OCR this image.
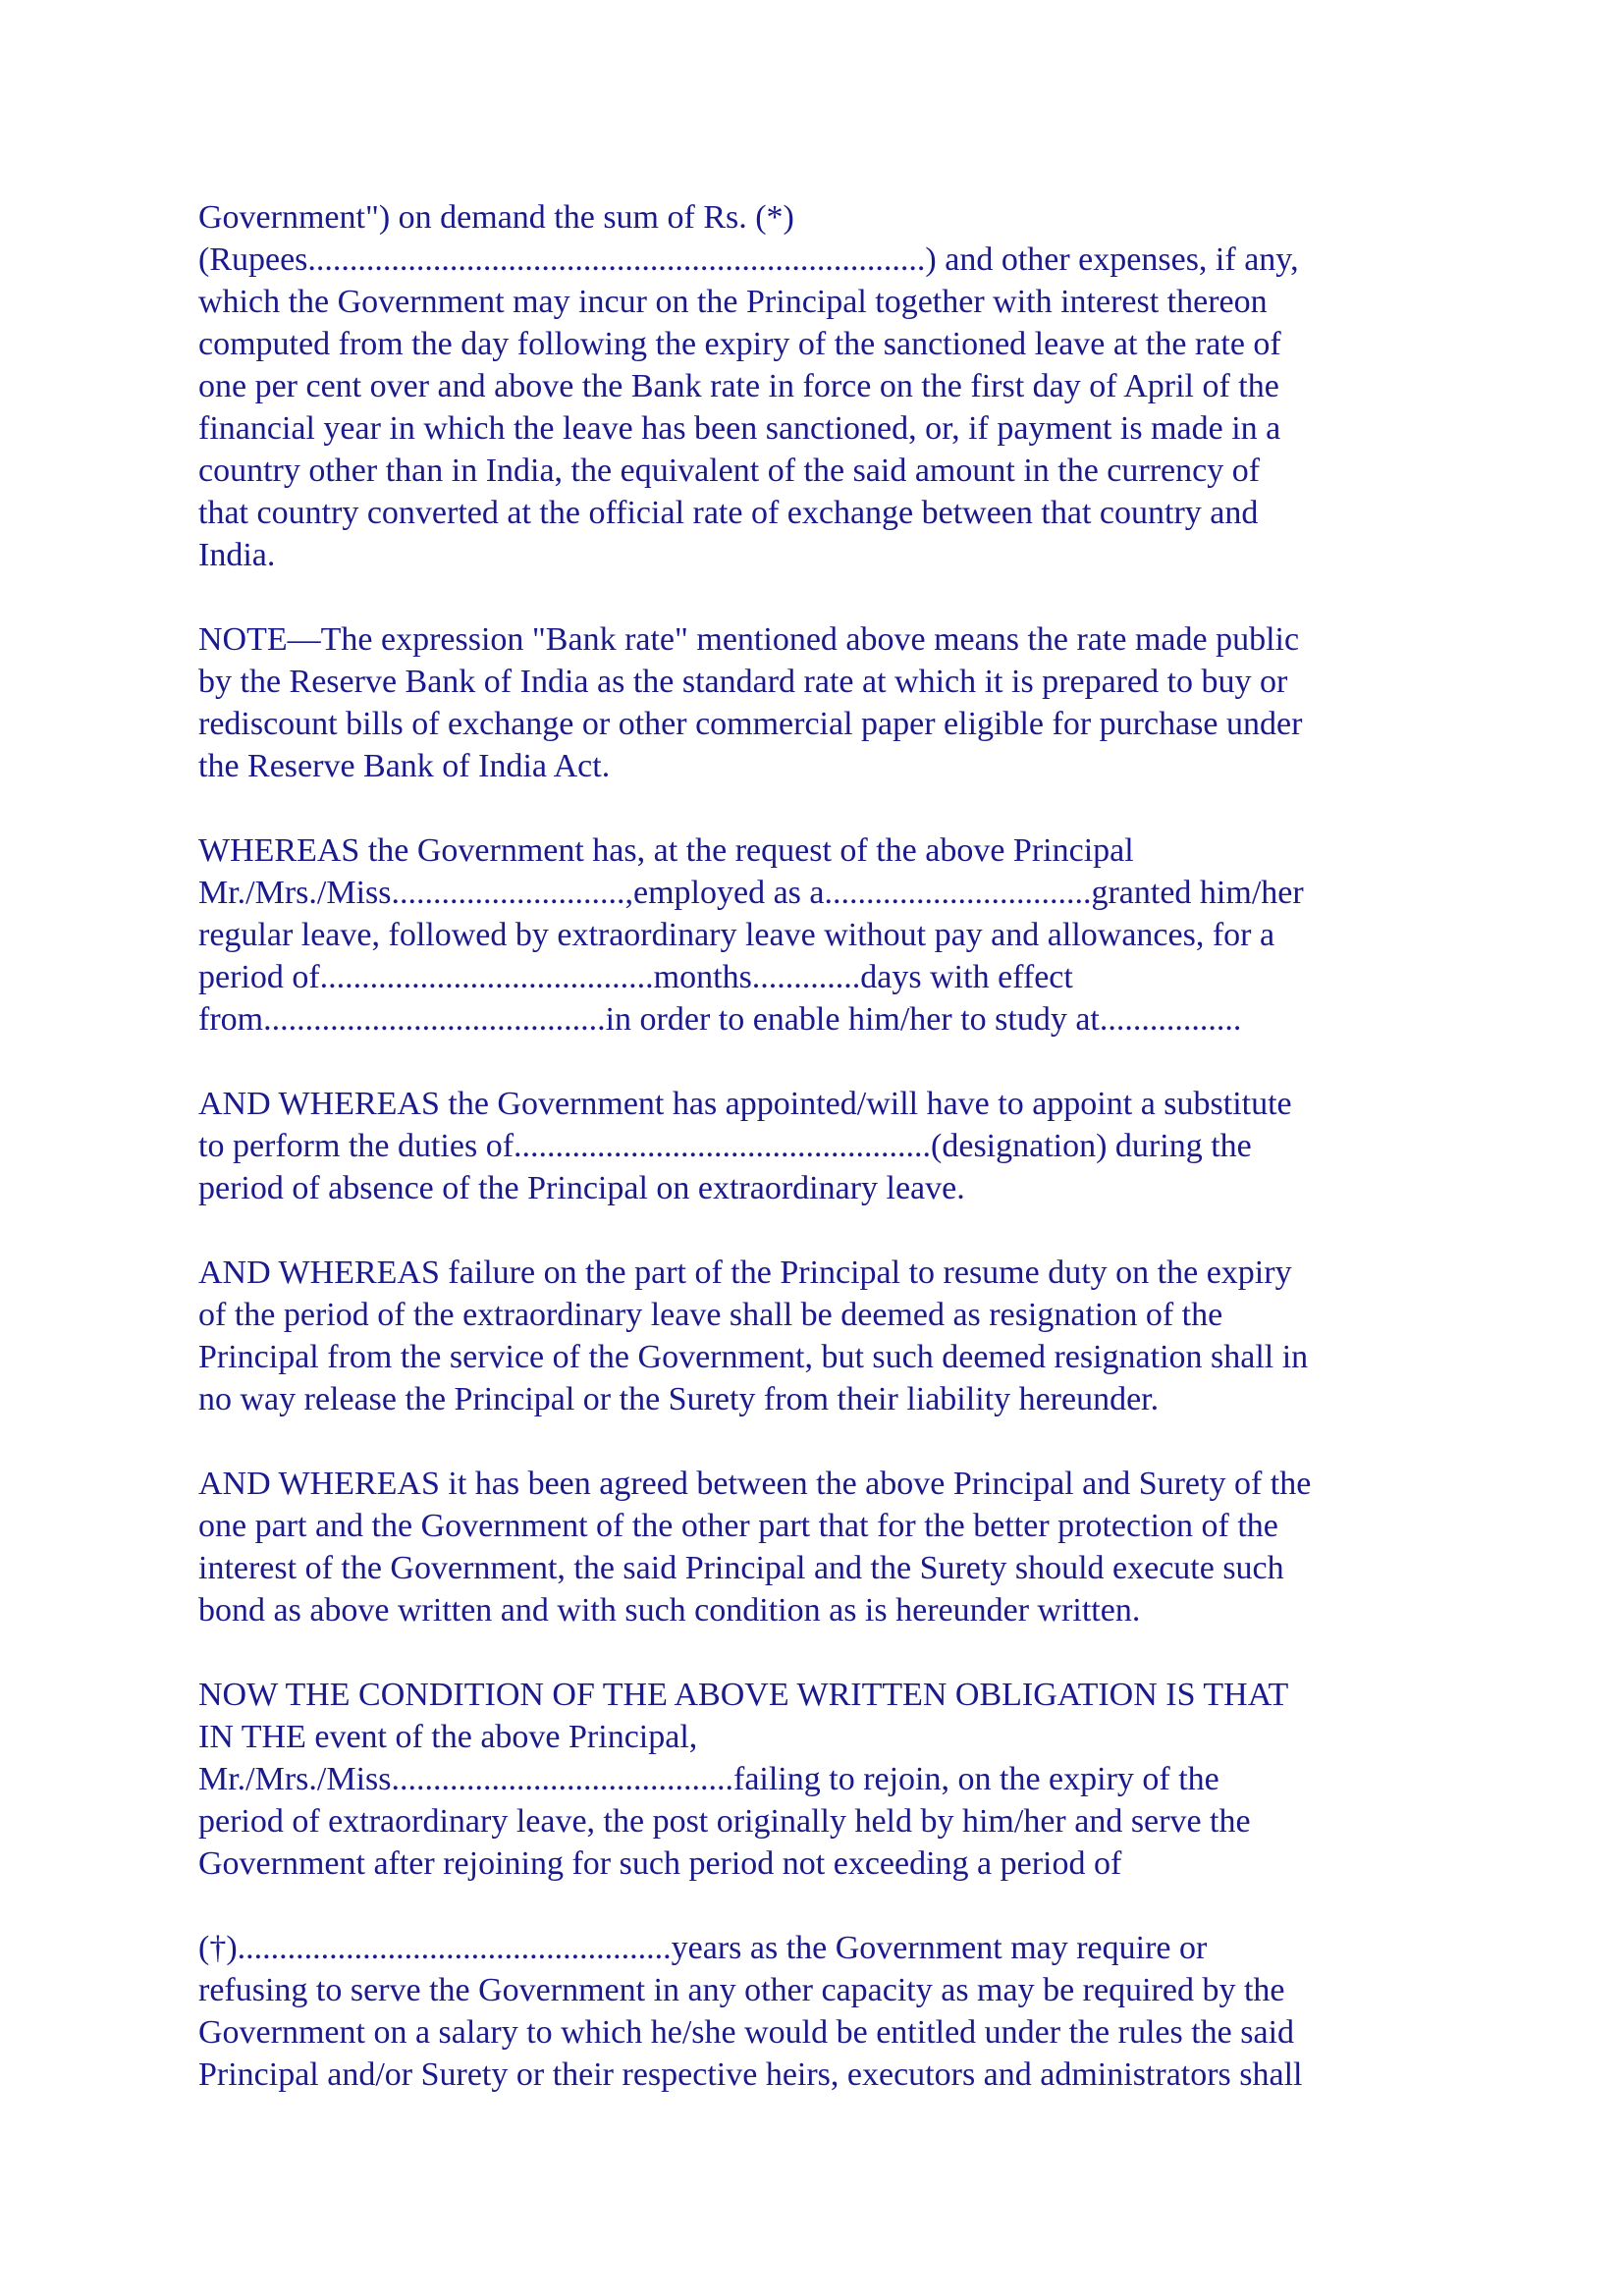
Government") on demand the sum of Rs. (*)
(Rupees..........................................................................) and other expenses, if any,
which the Government may incur on the Principal together with interest thereon
computed from the day following the expiry of the sanctioned leave at the rate of
one per cent over and above the Bank rate in force on the first day of April of the
financial year in which the leave has been sanctioned, or, if payment is made in a
country other than in India, the equivalent of the said amount in the currency of
that country converted at the official rate of exchange between that country and
India.

NOTE—The expression "Bank rate" mentioned above means the rate made public
by the Reserve Bank of India as the standard rate at which it is prepared to buy or
rediscount bills of exchange or other commercial paper eligible for purchase under
the Reserve Bank of India Act.

WHEREAS the Government has, at the request of the above Principal
Mr./Mrs./Miss............................,employed as a................................granted him/her
regular leave, followed by extraordinary leave without pay and allowances, for a
period of........................................months.............days with effect
from.........................................in order to enable him/her to study at.................

AND WHEREAS the Government has appointed/will have to appoint a substitute
to perform the duties of..................................................(designation) during the
period of absence of the Principal on extraordinary leave.

AND WHEREAS failure on the part of the Principal to resume duty on the expiry
of the period of the extraordinary leave shall be deemed as resignation of the
Principal from the service of the Government, but such deemed resignation shall in
no way release the Principal or the Surety from their liability hereunder.

AND WHEREAS it has been agreed between the above Principal and Surety of the
one part and the Government of the other part that for the better protection of the
interest of the Government, the said Principal and the Surety should execute such
bond as above written and with such condition as is hereunder written.

NOW THE CONDITION OF THE ABOVE WRITTEN OBLIGATION IS THAT
IN THE event of the above Principal,
Mr./Mrs./Miss.........................................failing to rejoin, on the expiry of the
period of extraordinary leave, the post originally held by him/her and serve the
Government after rejoining for such period not exceeding a period of

(†)....................................................years as the Government may require or
refusing to serve the Government in any other capacity as may be required by the
Government on a salary to which he/she would be entitled under the rules the said
Principal and/or Surety or their respective heirs, executors and administrators shall
